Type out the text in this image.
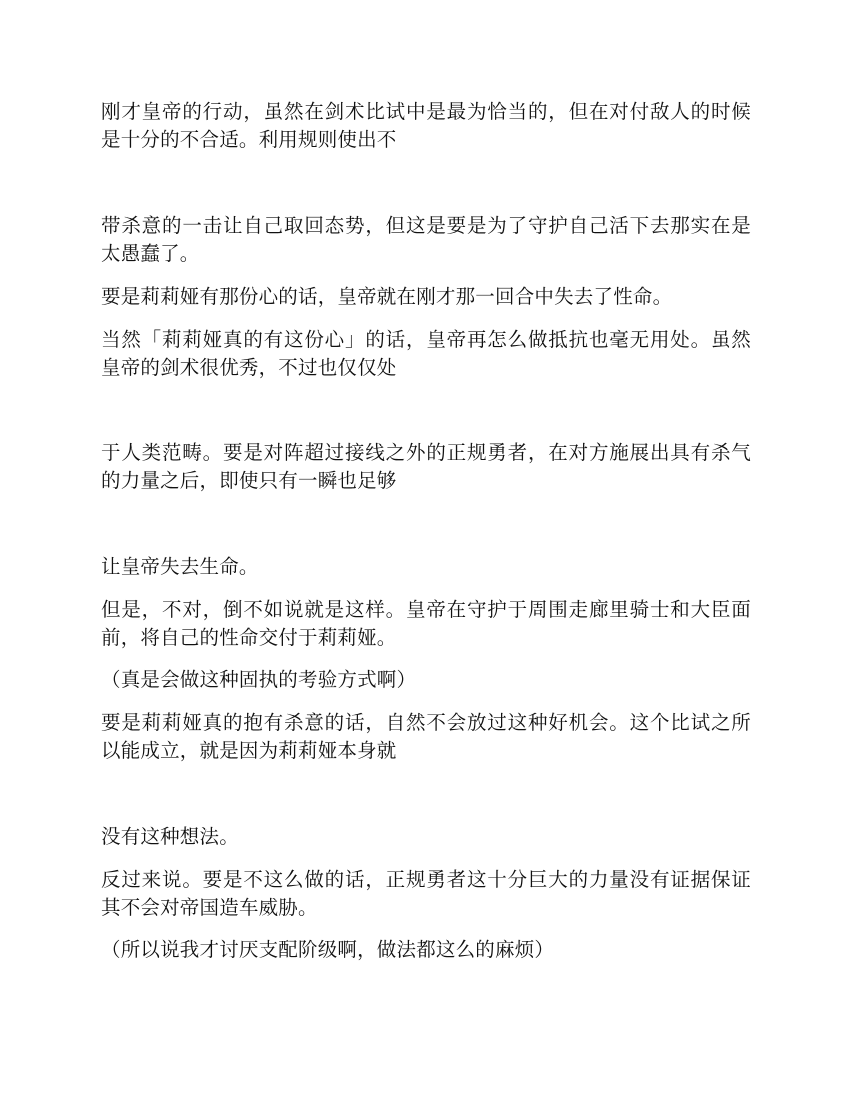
刚才皇帝的行动，虽然在剑术比试中是最为恰当的，但在对付敌人的时候是十分的不合适。利用规则使出不

带杀意的一击让自己取回态势，但这是要是为了守护自己活下去那实在是太愚蠢了。

要是莉莉娅有那份心的话，皇帝就在刚才那一回合中失去了性命。

当然「莉莉娅真的有这份心」的话，皇帝再怎么做抵抗也毫无用处。虽然皇帝的剑术很优秀，不过也仅仅处

于人类范畴。要是对阵超过接线之外的正规勇者，在对方施展出具有杀气的力量之后，即使只有一瞬也足够

让皇帝失去生命。

但是，不对，倒不如说就是这样。皇帝在守护于周围走廊里骑士和大臣面前，将自己的性命交付于莉莉娅。

（真是会做这种固执的考验方式啊）

要是莉莉娅真的抱有杀意的话，自然不会放过这种好机会。这个比试之所以能成立，就是因为莉莉娅本身就

没有这种想法。

反过来说。要是不这么做的话，正规勇者这十分巨大的力量没有证据保证其不会对帝国造车威胁。

（所以说我才讨厌支配阶级啊，做法都这么的麻烦）
